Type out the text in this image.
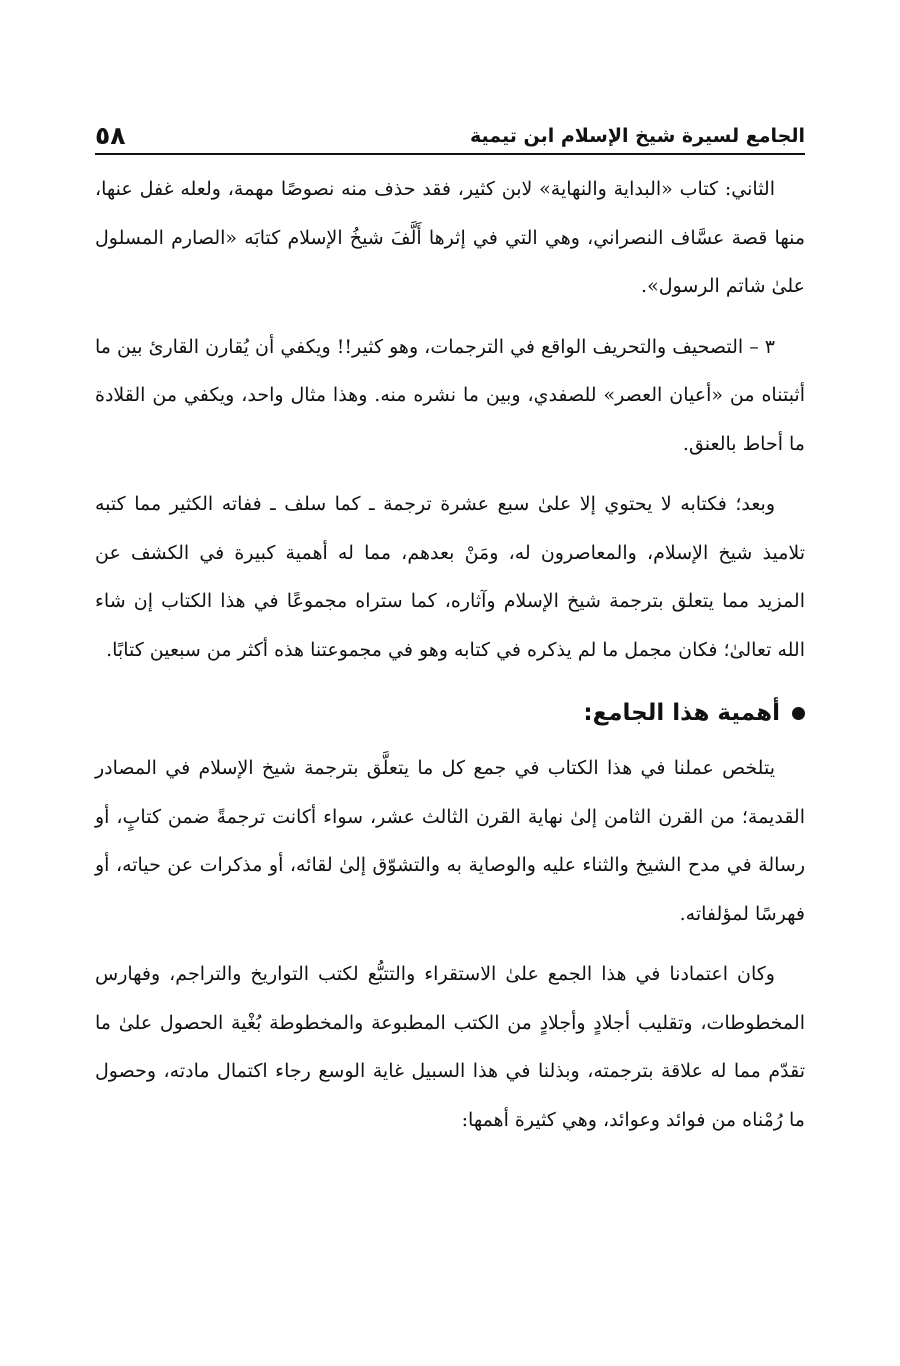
الجامع لسيرة شيخ الإسلام ابن تيمية
٥٨

الثاني: كتاب «البداية والنهاية» لابن كثير، فقد حذف منه نصوصًا مهمة، ولعله غفل عنها، منها قصة عسَّاف النصراني، وهي التي في إثرها أَلَّفَ شيخُ الإسلام كتابَه «الصارم المسلول علىٰ شاتم الرسول».

٣ – التصحيف والتحريف الواقع في الترجمات، وهو كثير!! ويكفي أن يُقارن القارئ بين ما أثبتناه من «أعيان العصر» للصفدي، وبين ما نشره منه. وهذا مثال واحد، ويكفي من القلادة ما أحاط بالعنق.

وبعد؛ فكتابه لا يحتوي إلا علىٰ سبع عشرة ترجمة ـ كما سلف ـ ففاته الكثير مما كتبه تلاميذ شيخ الإسلام، والمعاصرون له، ومَنْ بعدهم، مما له أهمية كبيرة في الكشف عن المزيد مما يتعلق بترجمة شيخ الإسلام وآثاره، كما ستراه مجموعًا في هذا الكتاب إن شاء الله تعالىٰ؛ فكان مجمل ما لم يذكره في كتابه وهو في مجموعتنا هذه أكثر من سبعين كتابًا.

أهمية هذا الجامع:

يتلخص عملنا في هذا الكتاب في جمع كل ما يتعلَّق بترجمة شيخ الإسلام في المصادر القديمة؛ من القرن الثامن إلىٰ نهاية القرن الثالث عشر، سواء أكانت ترجمةً ضمن كتابٍ، أو رسالة في مدح الشيخ والثناء عليه والوصاية به والتشوّق إلىٰ لقائه، أو مذكرات عن حياته، أو فهرسًا لمؤلفاته.

وكان اعتمادنا في هذا الجمع علىٰ الاستقراء والتتبُّع لكتب التواريخ والتراجم، وفهارس المخطوطات، وتقليب أجلادٍ وأجلادٍ من الكتب المطبوعة والمخطوطة بُغْية الحصول علىٰ ما تقدّم مما له علاقة بترجمته، وبذلنا في هذا السبيل غاية الوسع رجاء اكتمال مادته، وحصول ما رُمْناه من فوائد وعوائد، وهي كثيرة أهمها:
